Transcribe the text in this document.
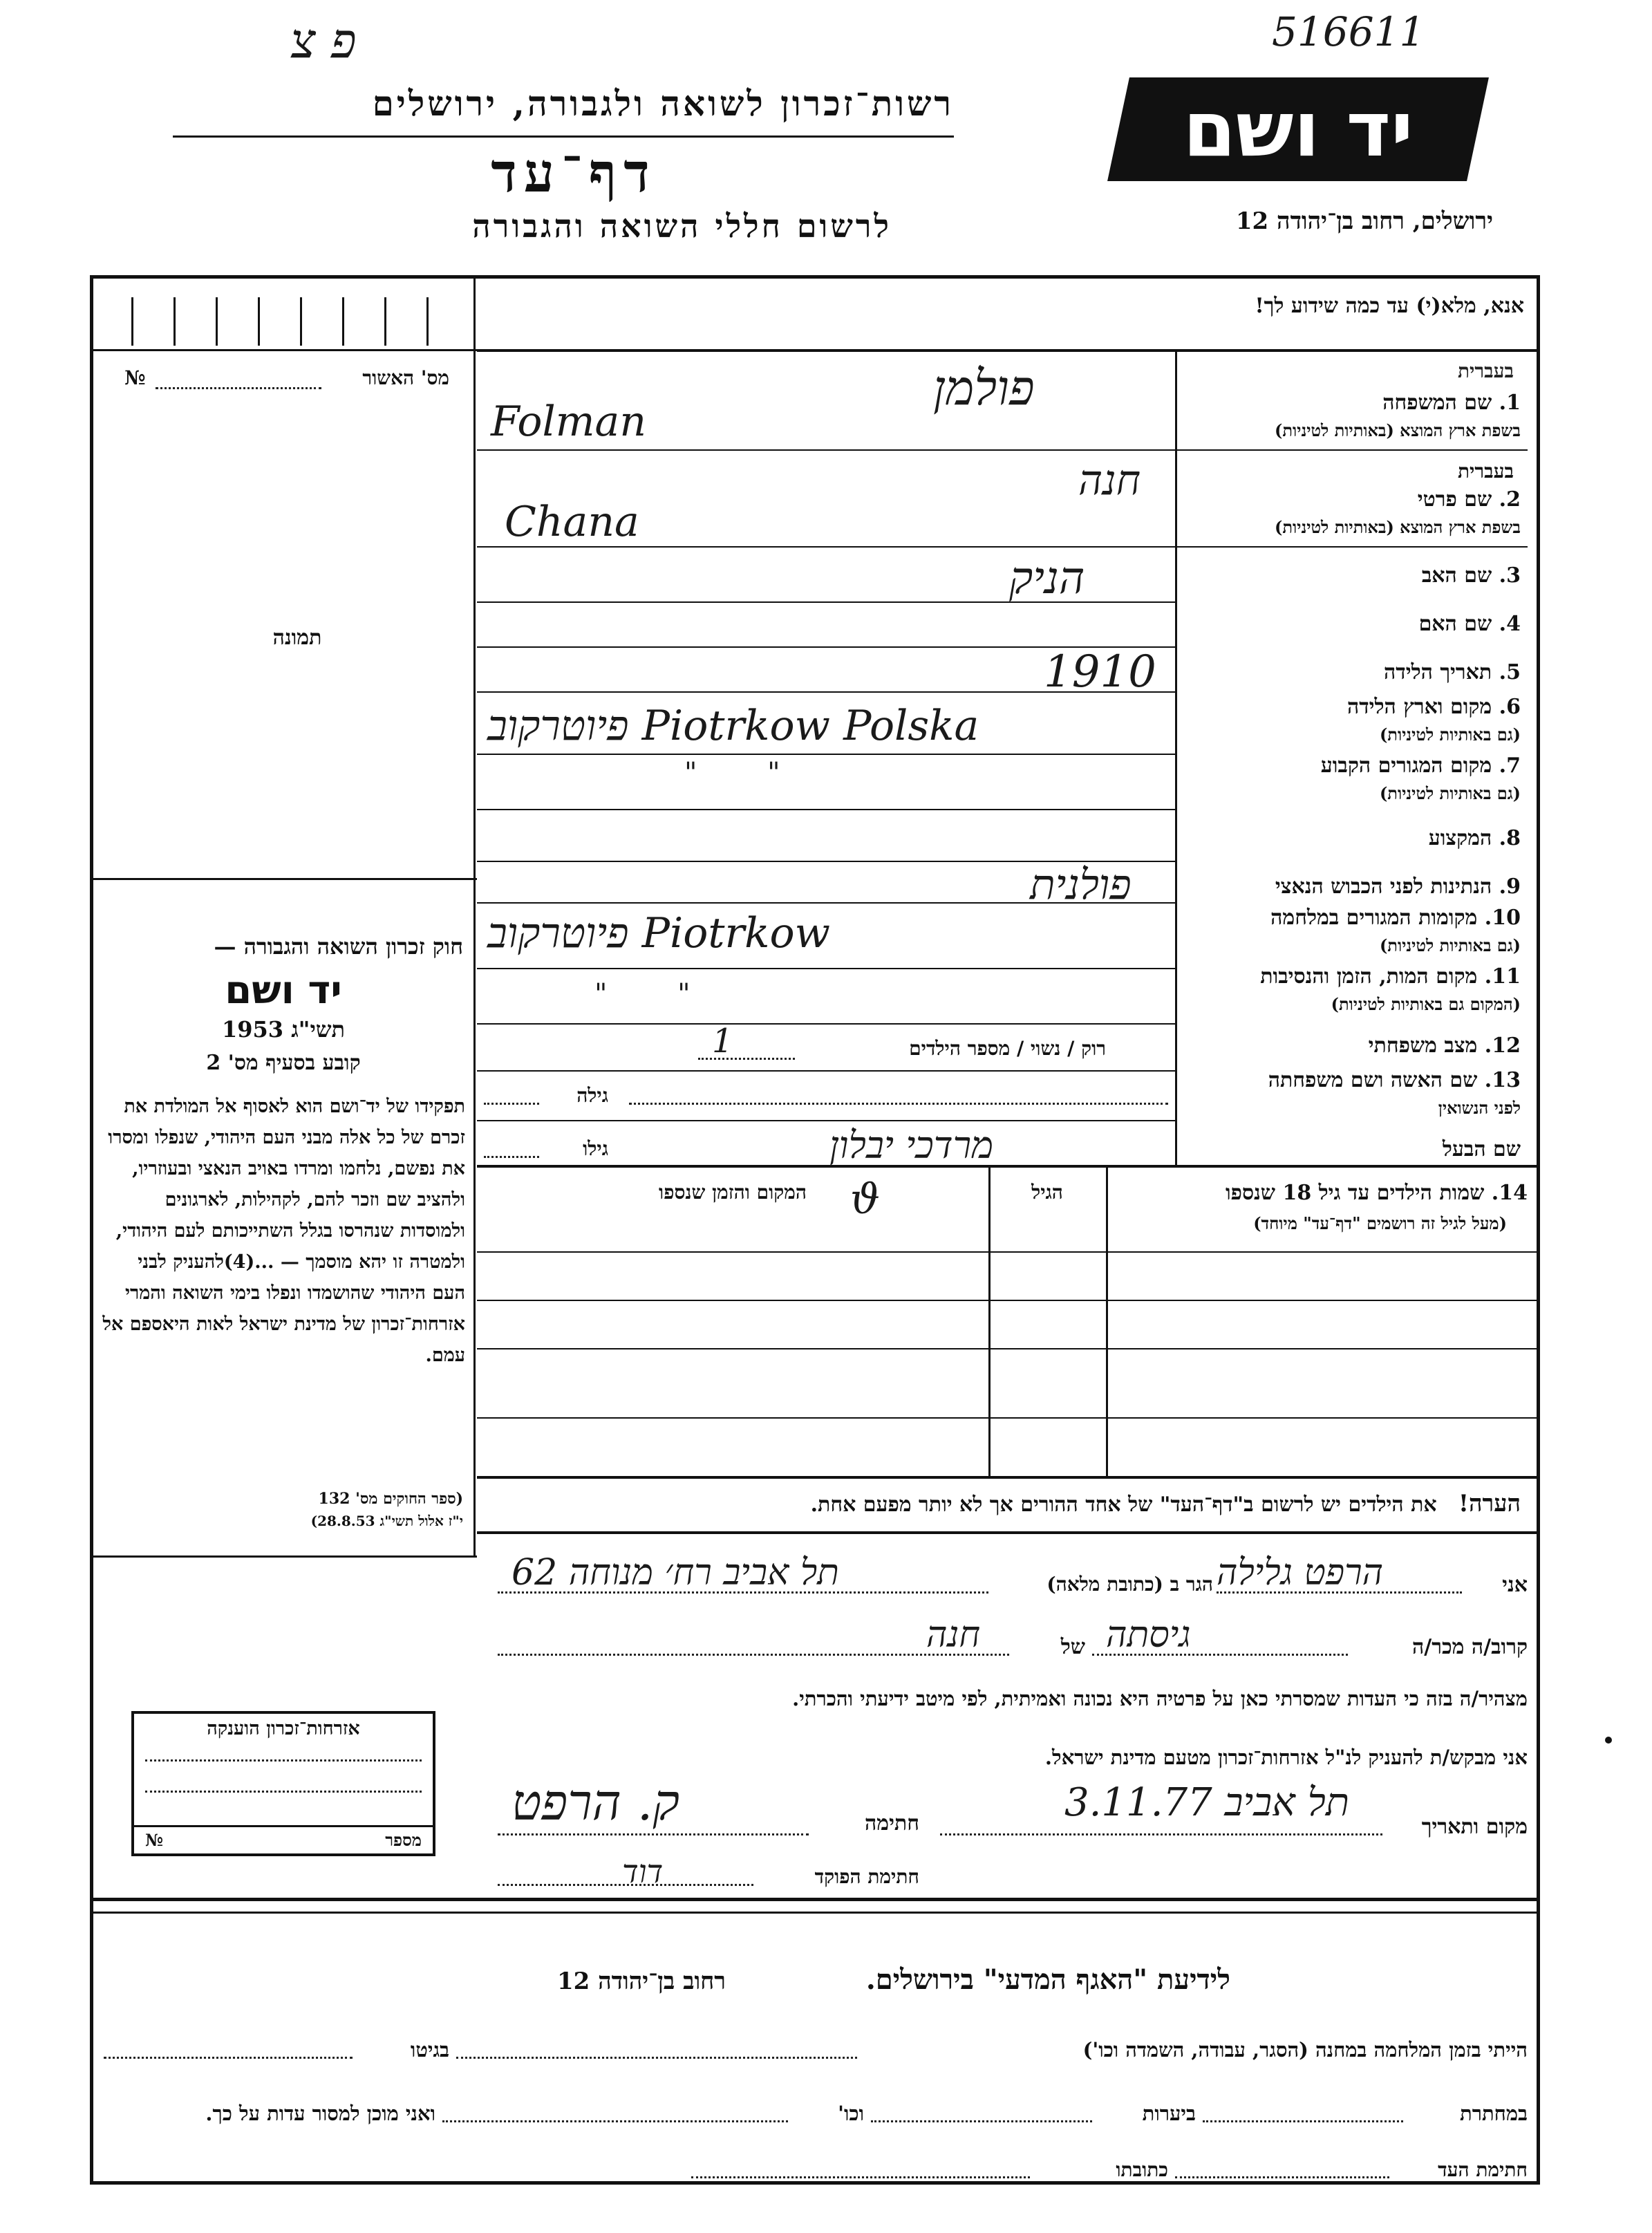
פ צ	516611
יד ושם
ירושלים, רחוב בן־יהודה 12
רשות־זכרון לשואה ולגבורה, ירושלים
דף־עד
לרשום חללי השואה והגבורה
№	מס' האשור
תמונה
חוק זכרון השואה והגבורה —
יד ושם
תשי"ג 1953
קובע בסעיף מס' 2
תפקידו של יד־ושם הוא לאסוף אל המולדת את זכרם של כל אלה מבני העם היהודי, שנפלו ומסרו את נפשם, נלחמו ומרדו באויב הנאצי ובעוזריו, ולהציב שם וזכר להם, לקהילות, לארגונים ולמוסדות שנהרסו בגלל השתייכותם לעם היהודי, ולמטרה זו יהא מוסמך — ...(4)להעניק לבני העם היהודי שהושמדו ונפלו בימי השואה והמרי אזרחות־זכרון של מדינת ישראל לאות היאספם אל עמם.
(ספר החוקים מס' 132
י"ז אלול תשי"ג 28.8.53)
אזרחות־זכרון הוענקה
№	מספר
אנא, מלא(י) עד כמה שידוע לך!
בעברית
1. שם המשפחה
בשפת ארץ המוצא (באותיות לטיניות)
פולמן
Folman
בעברית
2. שם פרטי
בשפת ארץ המוצא (באותיות לטיניות)
חנה
Chana
3. שם האב
הניק
4. שם האם
5. תאריך הלידה
1910
6. מקום וארץ הלידה
(גם באותיות לטיניות)
פיוטרקוב Piotrkow Polska
7. מקום המגורים הקבוע
(גם באותיות לטיניות)
"        "
8. המקצוע
9. הנתינות לפני הכבוש הנאצי
פולנית
10. מקומות המגורים במלחמה
(גם באותיות לטיניות)
פיוטרקוב Piotrkow
11. מקום המות, הזמן והנסיבות
(המקום גם באותיות לטיניות)
"        "
12. מצב משפחתי
רוק / נשוי / מספר הילדים
1
13. שם האשה ושם משפחתה
לפני הנשואין
גילה
שם הבעל
מרדכי יבלון
גילו
14. שמות הילדים עד גיל 18 שנספו
(מעל לגיל זה רושמים "דף־עד" מיוחד)
הגיל
המקום והזמן שנספו	ϑ
הערה!   את הילדים יש לרשום ב"דף־העד" של אחד ההורים אך לא יותר מפעם אחת.
אני
הרפט גלילה
הגר ב (כתובת מלאה)
תל אביב רח׳ מנוחה 62
קרוב/ה מכר/ה
גיסתה
של
חנה
מצהיר/ה בזה כי העדות שמסרתי כאן על פרטיה היא נכונה ואמיתית, לפי מיטב ידיעתי והכרתי.
אני מבקש/ת להעניק לנ"ל אזרחות־זכרון מטעם מדינת ישראל.
מקום ותאריך
תל אביב 3.11.77
חתימה
ק. הרפט
חתימת הפוקד
דוד
לידיעת "האגף המדעי" בירושלים.
רחוב בן־יהודה 12
הייתי בזמן המלחמה במחנה (הסגר, עבודה, השמדה וכו')
בגיטו
במחתרת
ביערות
וכו'
ואני מוכן למסור עדות על כך.
חתימת העד
כתובתו
